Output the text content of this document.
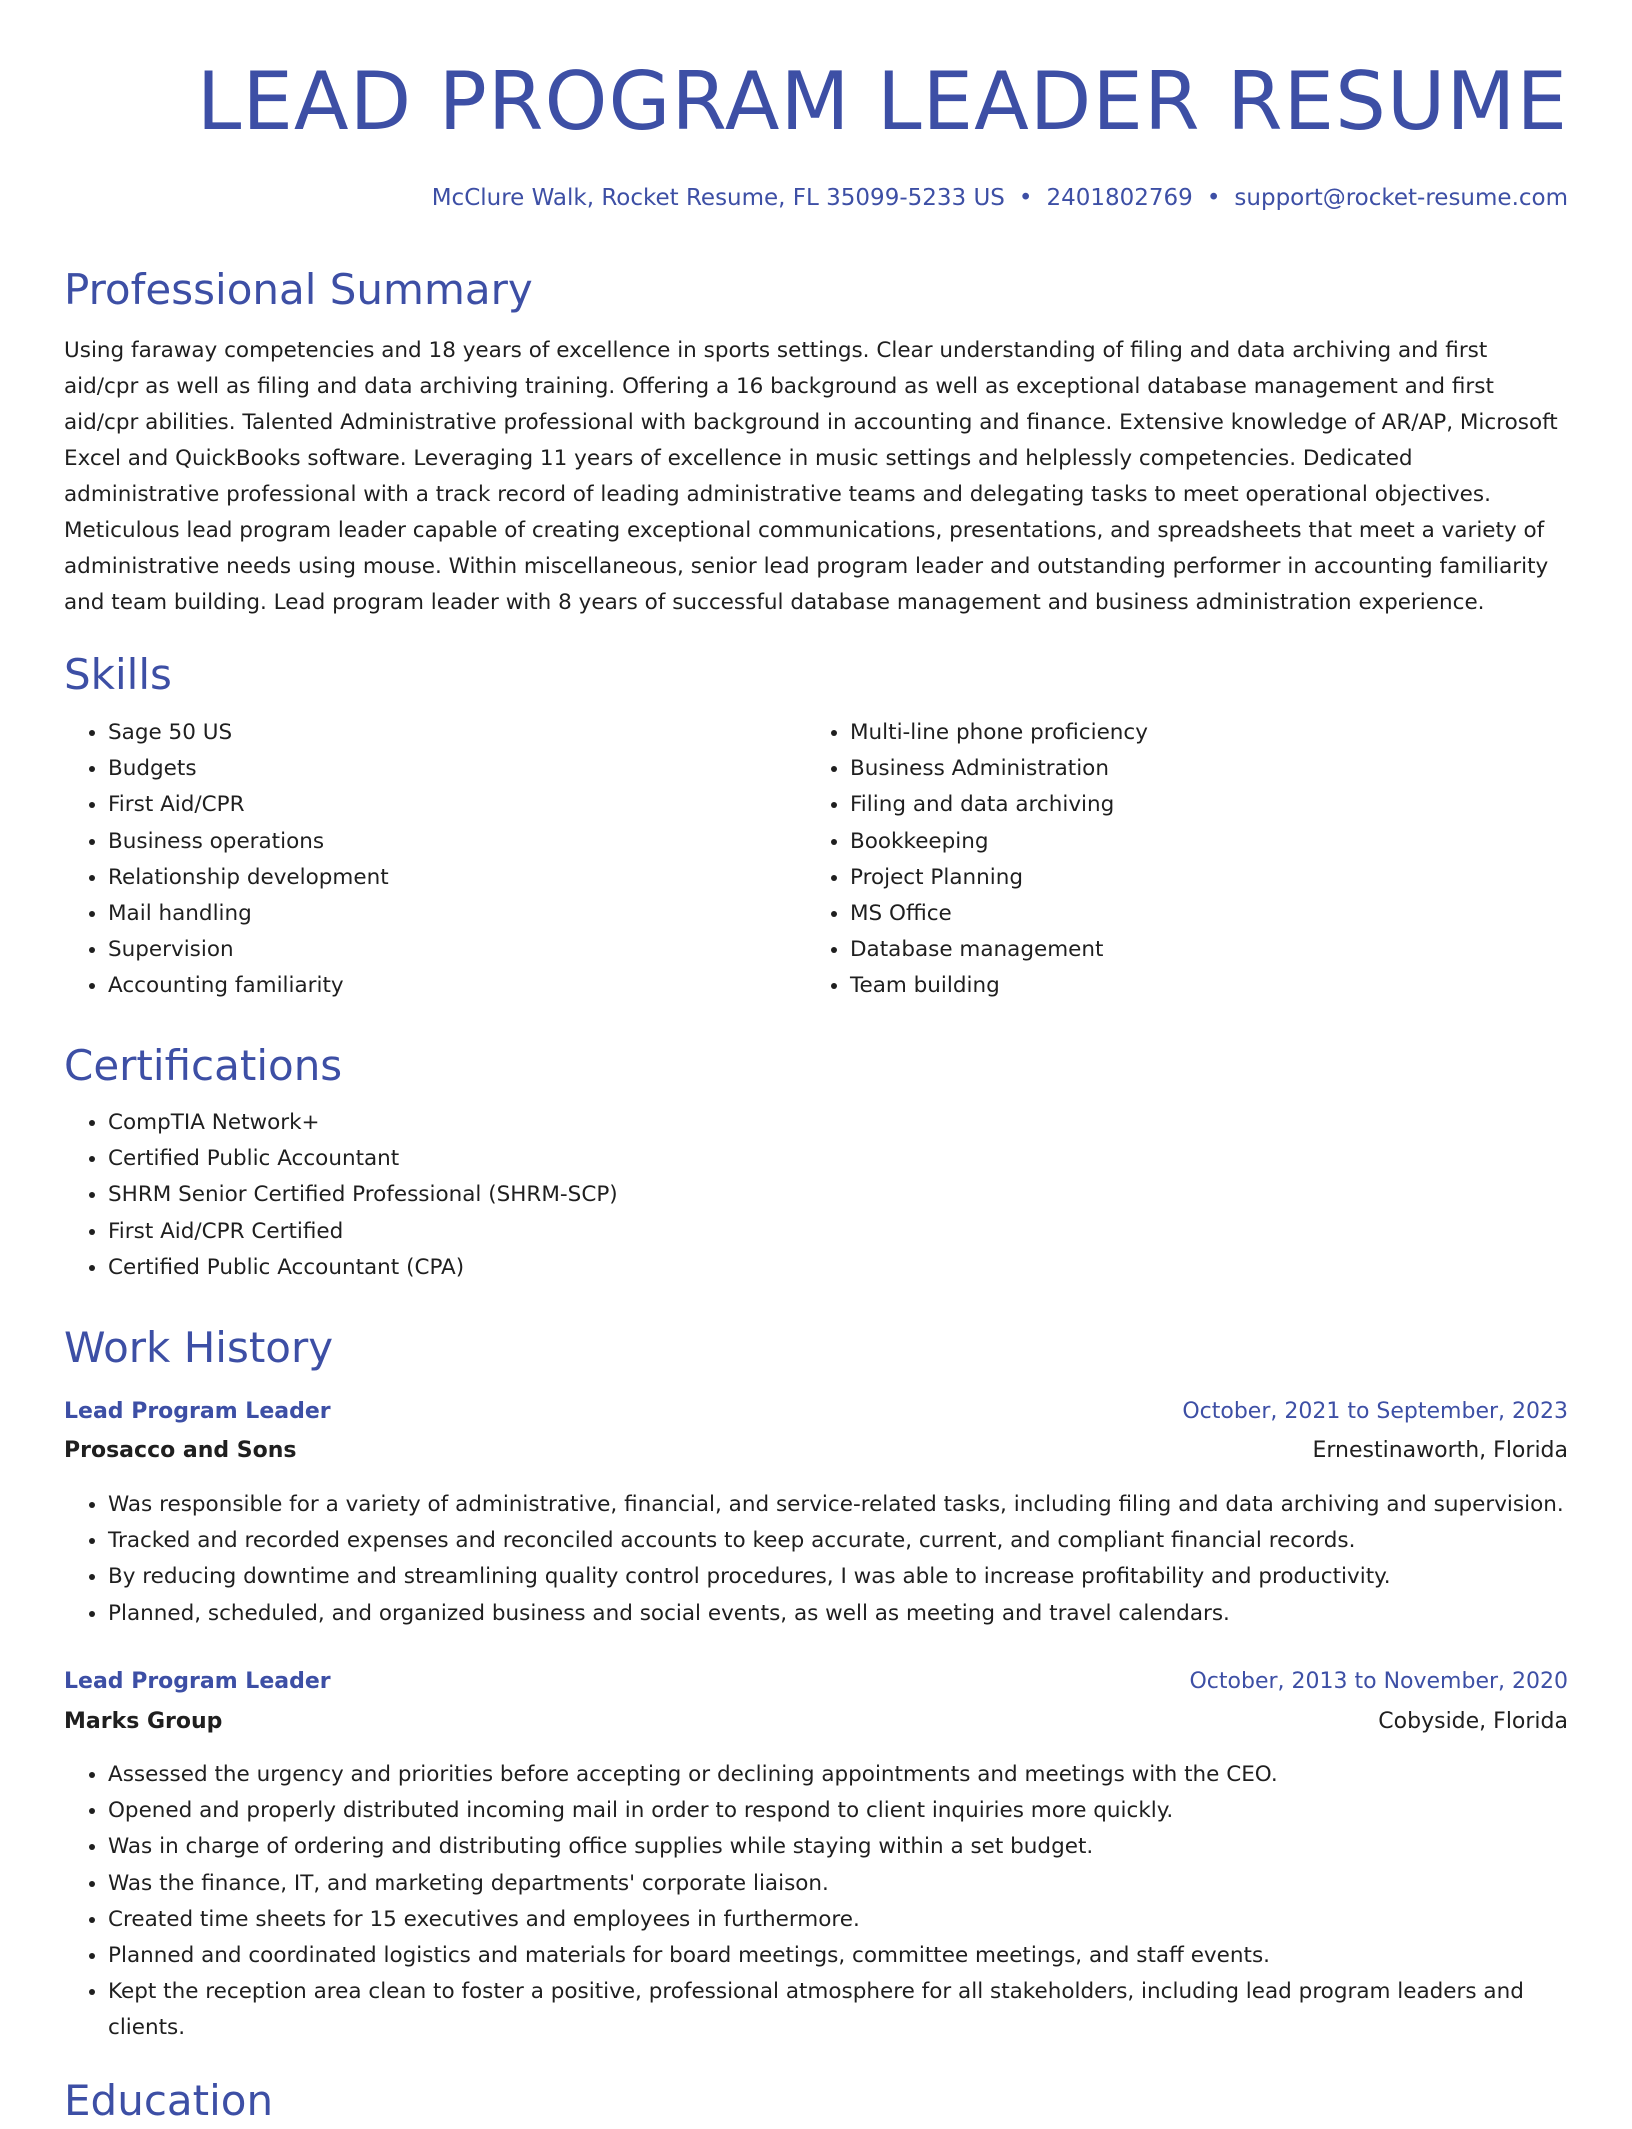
LEAD PROGRAM LEADER RESUME
McClure Walk, Rocket Resume, FL 35099-5233 US • 2401802769 • support@rocket-resume.com
Professional Summary

Using faraway competencies and 18 years of excellence in sports settings. Clear understanding of filing and data archiving and first aid/cpr as well as filing and data archiving training. Offering a 16 background as well as exceptional database management and first aid/cpr abilities. Talented Administrative professional with background in accounting and finance. Extensive knowledge of AR/AP, Microsoft Excel and QuickBooks software. Leveraging 11 years of excellence in music settings and helplessly competencies. Dedicated administrative professional with a track record of leading administrative teams and delegating tasks to meet operational objectives. Meticulous lead program leader capable of creating exceptional communications, presentations, and spreadsheets that meet a variety of administrative needs using mouse. Within miscellaneous, senior lead program leader and outstanding performer in accounting familiarity and team building. Lead program leader with 8 years of successful database management and business administration experience.

Skills
• Sage 50 US
• Budgets
• First Aid/CPR
• Business operations
• Relationship development
• Mail handling
• Supervision
• Accounting familiarity
• Multi-line phone proficiency
• Business Administration
• Filing and data archiving
• Bookkeeping
• Project Planning
• MS Office
• Database management
• Team building
Certifications
• CompTIA Network+
• Certified Public Accountant
• SHRM Senior Certified Professional (SHRM-SCP)
• First Aid/CPR Certified
• Certified Public Accountant (CPA)
Work History
Lead Program Leader	October, 2021 to September, 2023
Prosacco and Sons	Ernestinaworth, Florida
• Was responsible for a variety of administrative, financial, and service-related tasks, including filing and data archiving and supervision.
• Tracked and recorded expenses and reconciled accounts to keep accurate, current, and compliant financial records.
• By reducing downtime and streamlining quality control procedures, I was able to increase profitability and productivity.
• Planned, scheduled, and organized business and social events, as well as meeting and travel calendars.
Lead Program Leader	October, 2013 to November, 2020
Marks Group	Cobyside, Florida
• Assessed the urgency and priorities before accepting or declining appointments and meetings with the CEO.
• Opened and properly distributed incoming mail in order to respond to client inquiries more quickly.
• Was in charge of ordering and distributing office supplies while staying within a set budget.
• Was the finance, IT, and marketing departments' corporate liaison.
• Created time sheets for 15 executives and employees in furthermore.
• Planned and coordinated logistics and materials for board meetings, committee meetings, and staff events.
• Kept the reception area clean to foster a positive, professional atmosphere for all stakeholders, including lead program leaders and clients.
Education
